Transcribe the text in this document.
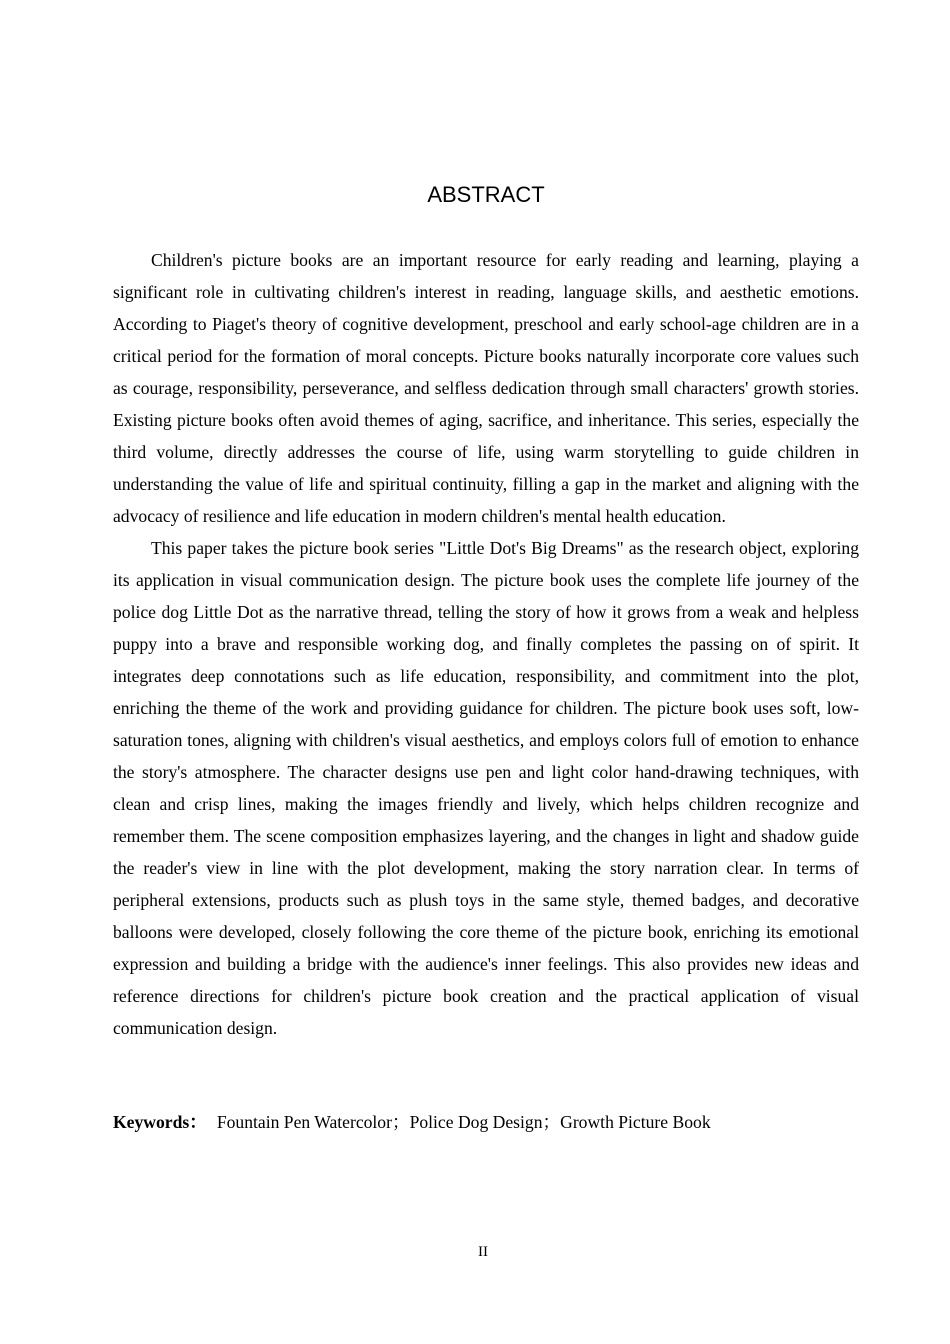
ABSTRACT

Children's picture books are an important resource for early reading and learning, playing a significant role in cultivating children's interest in reading, language skills, and aesthetic emotions. According to Piaget's theory of cognitive development, preschool and early school-age children are in a critical period for the formation of moral concepts. Picture books naturally incorporate core values such as courage, responsibility, perseverance, and selfless dedication through small characters' growth stories. Existing picture books often avoid themes of aging, sacrifice, and inheritance. This series, especially the third volume, directly addresses the course of life, using warm storytelling to guide children in understanding the value of life and spiritual continuity, filling a gap in the market and aligning with the advocacy of resilience and life education in modern children's mental health education.

This paper takes the picture book series "Little Dot's Big Dreams" as the research object, exploring its application in visual communication design. The picture book uses the complete life journey of the police dog Little Dot as the narrative thread, telling the story of how it grows from a weak and helpless puppy into a brave and responsible working dog, and finally completes the passing on of spirit. It integrates deep connotations such as life education, responsibility, and commitment into the plot, enriching the theme of the work and providing guidance for children. The picture book uses soft, low-saturation tones, aligning with children's visual aesthetics, and employs colors full of emotion to enhance the story's atmosphere. The character designs use pen and light color hand-drawing techniques, with clean and crisp lines, making the images friendly and lively, which helps children recognize and remember them. The scene composition emphasizes layering, and the changes in light and shadow guide the reader's view in line with the plot development, making the story narration clear. In terms of peripheral extensions, products such as plush toys in the same style, themed badges, and decorative balloons were developed, closely following the core theme of the picture book, enriching its emotional expression and building a bridge with the audience's inner feelings. This also provides new ideas and reference directions for children's picture book creation and the practical application of visual communication design.

Keywords： Fountain Pen Watercolor；Police Dog Design；Growth Picture Book
II
